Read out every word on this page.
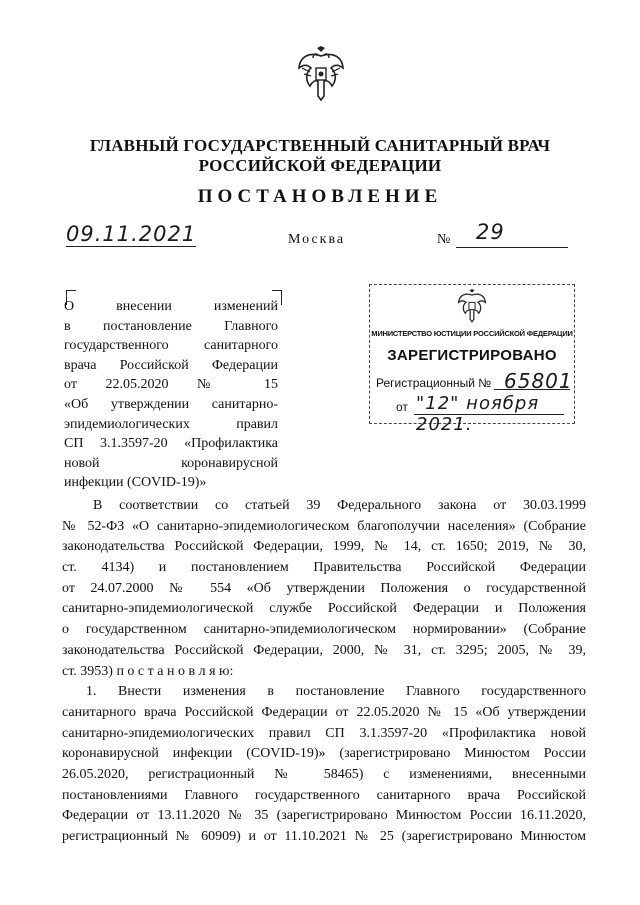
ГЛАВНЫЙ ГОСУДАРСТВЕННЫЙ САНИТАРНЫЙ ВРАЧ
РОССИЙСКОЙ ФЕДЕРАЦИИ
ПОСТАНОВЛЕНИЕ
09.11.2021	Москва	№ 29
О внесении изменений
в постановление Главного
государственного санитарного
врача Российской Федерации
от 22.05.2020 № 15
«Об утверждении санитарно-
эпидемиологических правил
СП 3.1.3597-20 «Профилактика
новой коронавирусной
инфекции (COVID-19)»
МИНИСТЕРСТВО ЮСТИЦИИ РОССИЙСКОЙ ФЕДЕРАЦИИ
ЗАРЕГИСТРИРОВАНО
Регистрационный № 65801
от "12" ноября 2021.
В соответствии со статьей 39 Федерального закона от 30.03.1999
№ 52-ФЗ «О санитарно-эпидемиологическом благополучии населения» (Собрание
законодательства Российской Федерации, 1999, № 14, ст. 1650; 2019, № 30,
ст. 4134) и постановлением Правительства Российской Федерации
от 24.07.2000 № 554 «Об утверждении Положения о государственной
санитарно-эпидемиологической службе Российской Федерации и Положения
о государственном санитарно-эпидемиологическом нормировании» (Собрание
законодательства Российской Федерации, 2000, № 31, ст. 3295; 2005, № 39,
ст. 3953) п о с т а н о в л я ю:
1. Внести изменения в постановление Главного государственного
санитарного врача Российской Федерации от 22.05.2020 № 15 «Об утверждении
санитарно-эпидемиологических правил СП 3.1.3597-20 «Профилактика новой
коронавирусной инфекции (COVID-19)» (зарегистрировано Минюстом России
26.05.2020, регистрационный № 58465) с изменениями, внесенными
постановлениями Главного государственного санитарного врача Российской
Федерации от 13.11.2020 № 35 (зарегистрировано Минюстом России 16.11.2020,
регистрационный № 60909) и от 11.10.2021 № 25 (зарегистрировано Минюстом
